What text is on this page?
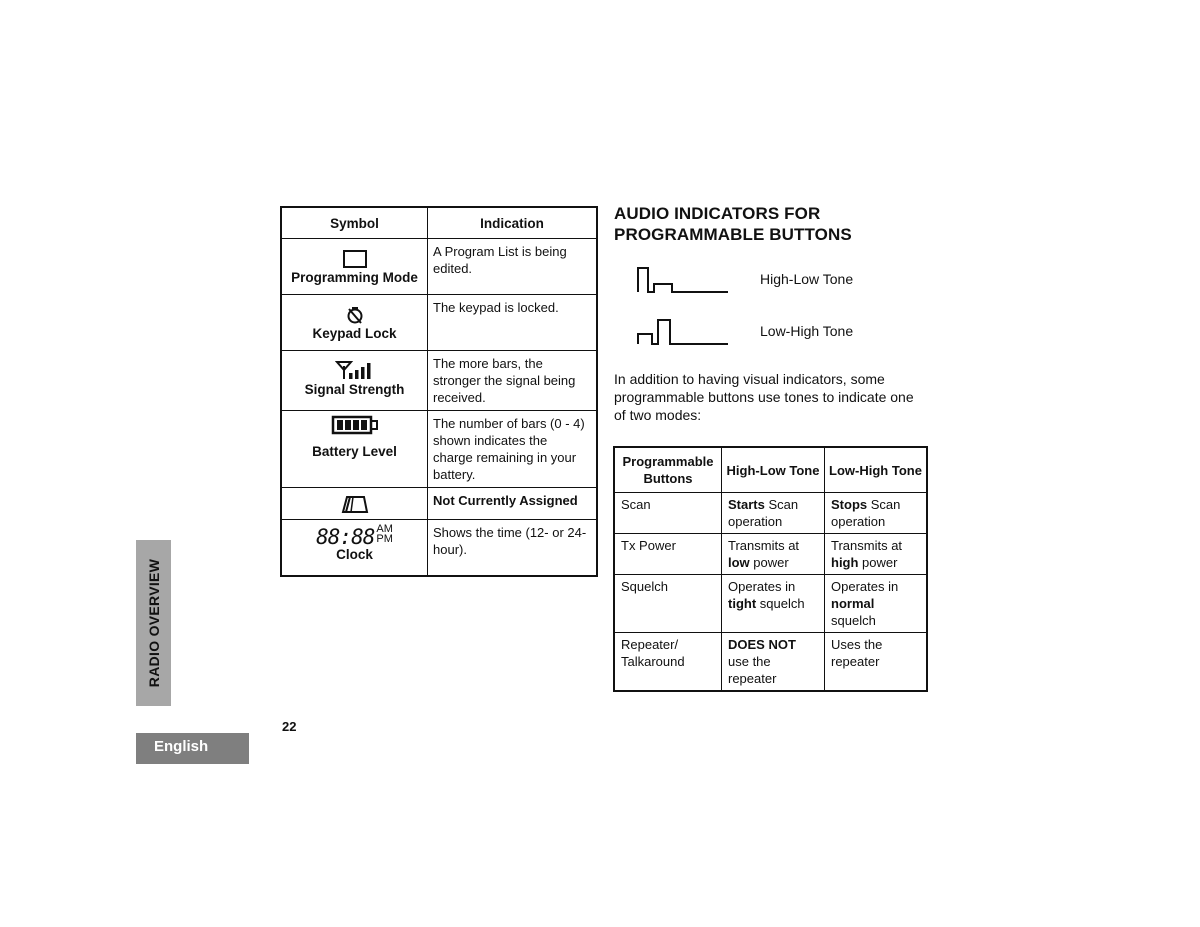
Symbol	Indication

Programming Mode	A Program List is being edited.

Keypad Lock	The keypad is locked.

Signal Strength	The more bars, the stronger the signal being received.

Battery Level	The number of bars (0 - 4) shown indicates the charge remaining in your battery.

	Not Currently Assigned

88:88 AM
PM
Clock	Shows the time (12- or 24-hour).
AUDIO INDICATORS FOR
PROGRAMMABLE BUTTONS
High-Low Tone
Low-High Tone
In addition to having visual indicators, some programmable buttons use tones to indicate one of two modes:
Programmable Buttons	High-Low Tone	Low-High Tone
Scan	Starts Scan operation	Stops Scan operation
Tx Power	Transmits at low power	Transmits at high power
Squelch	Operates in tight squelch	Operates in normal squelch
Repeater/ Talkaround	DOES NOT use the repeater	Uses the repeater
RADIO OVERVIEW
22
English
